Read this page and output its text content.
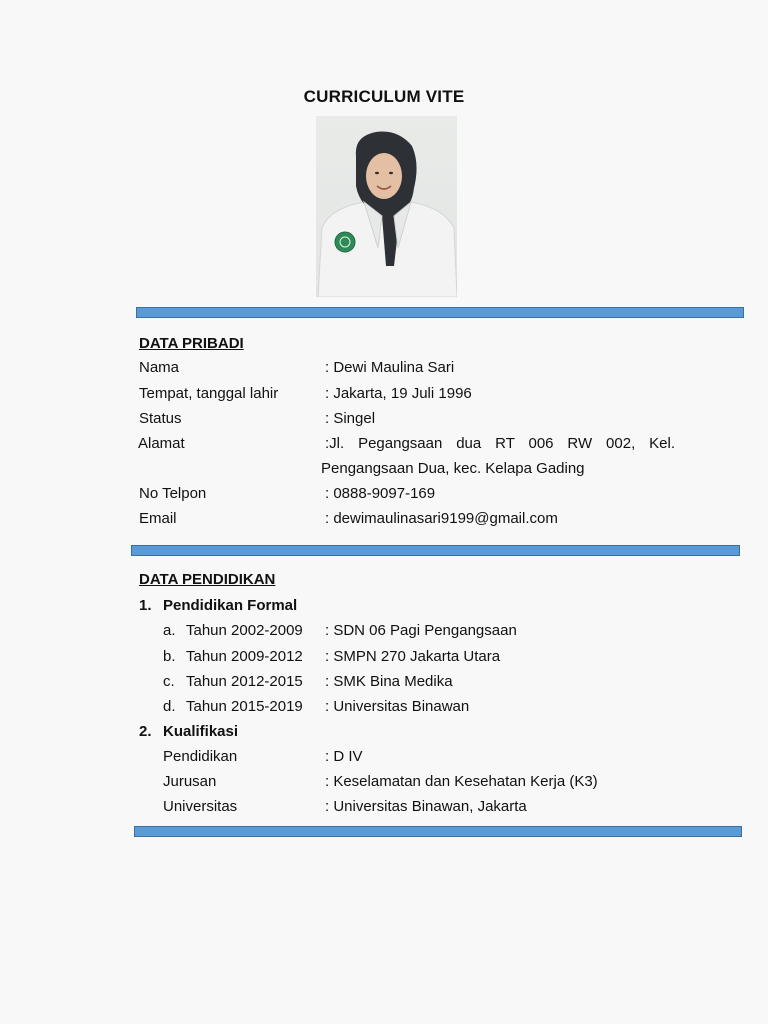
CURRICULUM VITE
DATA PRIBADI
Nama	: Dewi Maulina Sari
Tempat, tanggal lahir	: Jakarta, 19 Juli 1996
Status	: Singel
Alamat	:Jl. Pegangsaan dua RT 006 RW 002, Kel.
Pengangsaan Dua, kec. Kelapa Gading
No Telpon	: 0888-9097-169
Email	: dewimaulinasari9199@gmail.com
DATA PENDIDIKAN
1. Pendidikan Formal
a. Tahun 2002-2009 : SDN 06 Pagi Pengangsaan
b. Tahun 2009-2012 : SMPN 270 Jakarta Utara
c. Tahun 2012-2015 : SMK Bina Medika
d. Tahun 2015-2019 : Universitas Binawan
2. Kualifikasi
Pendidikan	: D IV
Jurusan	: Keselamatan dan Kesehatan Kerja (K3)
Universitas	: Universitas Binawan, Jakarta
